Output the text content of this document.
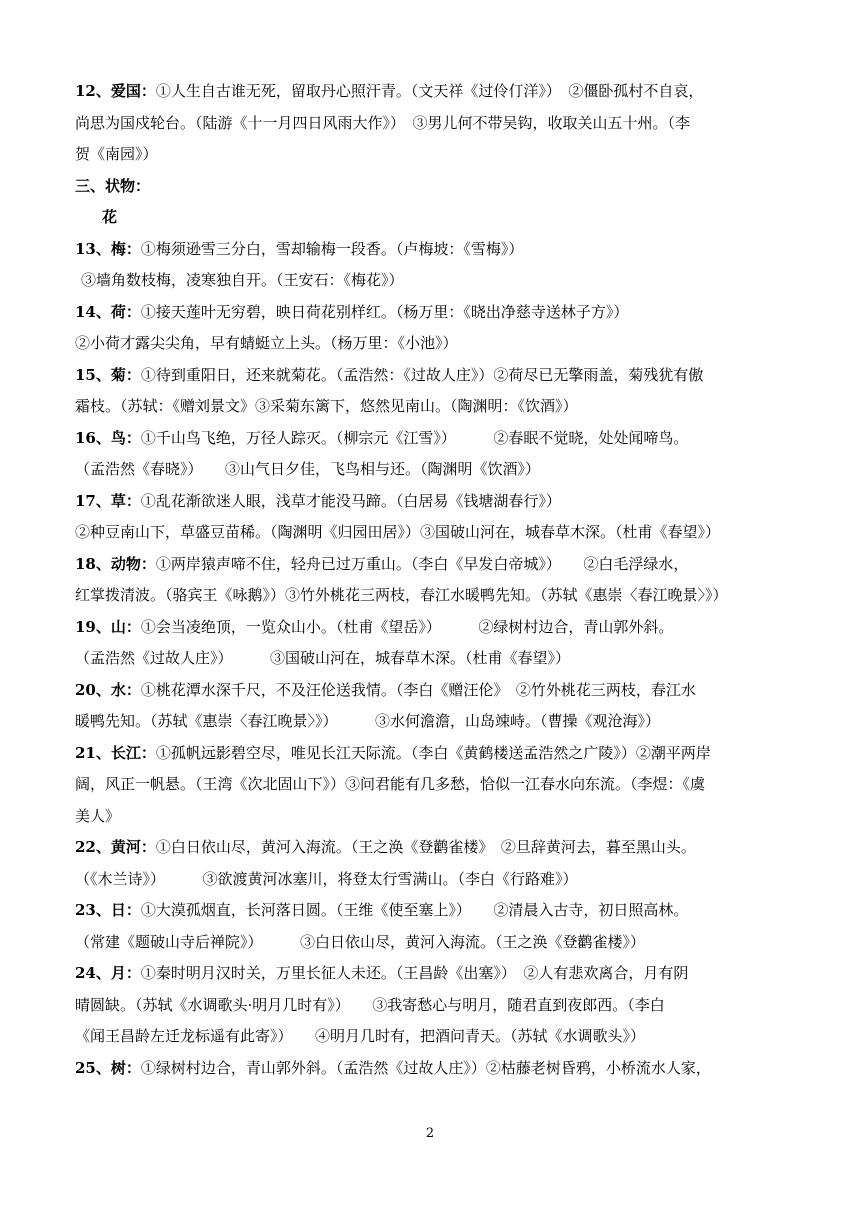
12、爱国：①人生自古谁无死，留取丹心照汗青。（文天祥《过伶仃洋》）　②僵卧孤村不自哀，
尚思为国戍轮台。（陆游《十一月四日风雨大作》）　③男儿何不带吴钩，收取关山五十州。（李
贺《南园》）
三、状物：
花
13、梅：①梅须逊雪三分白，雪却输梅一段香。（卢梅坡：《雪梅》）
③墙角数枝梅，凌寒独自开。（王安石：《梅花》）
14、荷：①接天莲叶无穷碧，映日荷花别样红。（杨万里：《晓出净慈寺送林子方》）
②小荷才露尖尖角，早有蜻蜓立上头。（杨万里：《小池》）
15、菊：①待到重阳日，还来就菊花。（孟浩然：《过故人庄》）②荷尽已无擎雨盖，菊残犹有傲
霜枝。（苏轼：《赠刘景文》③采菊东篱下，悠然见南山。（陶渊明：《饮酒》）
16、鸟：①千山鸟飞绝，万径人踪灭。（柳宗元《江雪》）　　　②春眠不觉晓，处处闻啼鸟。
（孟浩然《春晓》）　　③山气日夕佳，飞鸟相与还。（陶渊明《饮酒》）
17、草：①乱花渐欲迷人眼，浅草才能没马蹄。（白居易《钱塘湖春行》）
②种豆南山下，草盛豆苗稀。（陶渊明《归园田居》）③国破山河在，城春草木深。（杜甫《春望》）
18、动物：①两岸猿声啼不住，轻舟已过万重山。（李白《早发白帝城》）　　②白毛浮绿水，
红掌拨清波。（骆宾王《咏鹅》）③竹外桃花三两枝，春江水暖鸭先知。（苏轼《惠崇〈春江晚景〉》）
19、山：①会当凌绝顶，一览众山小。（杜甫《望岳》）　　　②绿树村边合，青山郭外斜。
（孟浩然《过故人庄》）　　　③国破山河在，城春草木深。（杜甫《春望》）
20、水：①桃花潭水深千尺，不及汪伦送我情。（李白《赠汪伦》　②竹外桃花三两枝，春江水
暖鸭先知。（苏轼《惠崇〈春江晚景〉》）　　　③水何澹澹，山岛竦峙。（曹操《观沧海》）
21、长江：①孤帆远影碧空尽，唯见长江天际流。（李白《黄鹤楼送孟浩然之广陵》）②潮平两岸
阔，风正一帆悬。（王湾《次北固山下》）③问君能有几多愁，恰似一江春水向东流。（李煜：《虞
美人》
22、黄河：①白日依山尽，黄河入海流。（王之涣《登鹳雀楼》　②旦辞黄河去，暮至黑山头。
（《木兰诗》）　　　③欲渡黄河冰塞川，将登太行雪满山。（李白《行路难》）
23、日：①大漠孤烟直，长河落日圆。（王维《使至塞上》）　　②清晨入古寺，初日照高林。
（常建《题破山寺后禅院》）　　　③白日依山尽，黄河入海流。（王之涣《登鹳雀楼》）
24、月：①秦时明月汉时关，万里长征人未还。（王昌龄《出塞》）　②人有悲欢离合，月有阴
晴圆缺。（苏轼《水调歌头·明月几时有》）　　③我寄愁心与明月，随君直到夜郎西。（李白
《闻王昌龄左迁龙标遥有此寄》）　　④明月几时有，把酒问青天。（苏轼《水调歌头》）
25、树：①绿树村边合，青山郭外斜。（孟浩然《过故人庄》）②枯藤老树昏鸦，小桥流水人家，
2
